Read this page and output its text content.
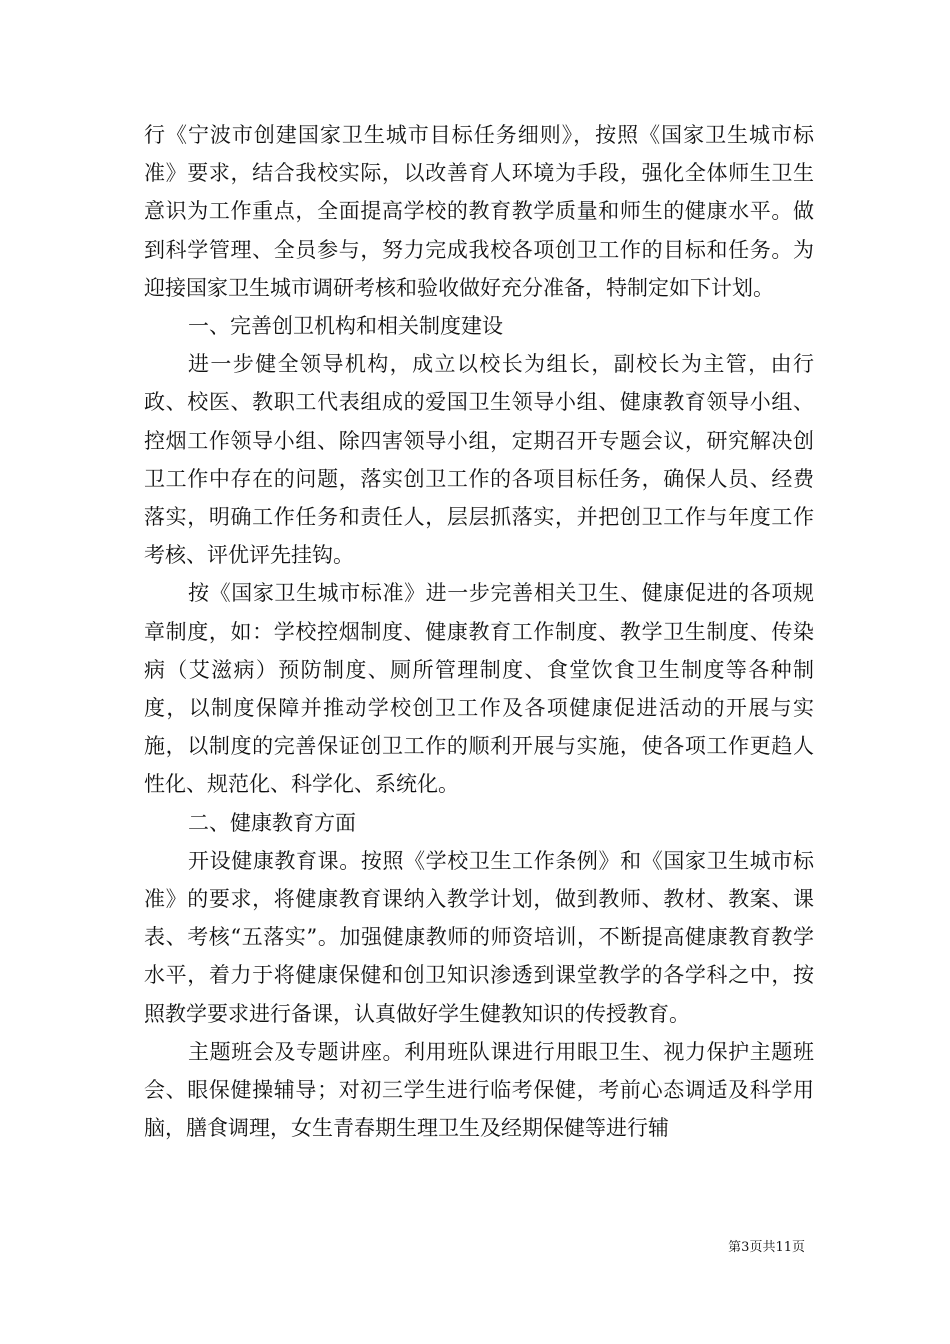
行《宁波市创建国家卫生城市目标任务细则》，按照《国家卫生城市标准》要求，结合我校实际，以改善育人环境为手段，强化全体师生卫生意识为工作重点，全面提高学校的教育教学质量和师生的健康水平。做到科学管理、全员参与，努力完成我校各项创卫工作的目标和任务。为迎接国家卫生城市调研考核和验收做好充分准备，特制定如下计划。

一、完善创卫机构和相关制度建设

进一步健全领导机构，成立以校长为组长，副校长为主管，由行政、校医、教职工代表组成的爱国卫生领导小组、健康教育领导小组、控烟工作领导小组、除四害领导小组，定期召开专题会议，研究解决创卫工作中存在的问题，落实创卫工作的各项目标任务，确保人员、经费落实，明确工作任务和责任人，层层抓落实，并把创卫工作与年度工作考核、评优评先挂钩。

按《国家卫生城市标准》进一步完善相关卫生、健康促进的各项规章制度，如：学校控烟制度、健康教育工作制度、教学卫生制度、传染病（艾滋病）预防制度、厕所管理制度、食堂饮食卫生制度等各种制度，以制度保障并推动学校创卫工作及各项健康促进活动的开展与实施，以制度的完善保证创卫工作的顺利开展与实施，使各项工作更趋人性化、规范化、科学化、系统化。

二、健康教育方面

开设健康教育课。按照《学校卫生工作条例》和《国家卫生城市标准》的要求，将健康教育课纳入教学计划，做到教师、教材、教案、课表、考核“五落实”。加强健康教师的师资培训，不断提高健康教育教学水平，着力于将健康保健和创卫知识渗透到课堂教学的各学科之中，按照教学要求进行备课，认真做好学生健教知识的传授教育。

主题班会及专题讲座。利用班队课进行用眼卫生、视力保护主题班会、眼保健操辅导；对初三学生进行临考保健，考前心态调适及科学用脑，膳食调理，女生青春期生理卫生及经期保健等进行辅

第3页共11页
